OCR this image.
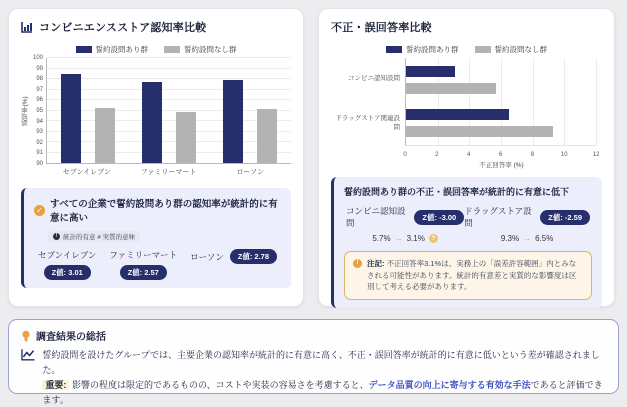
コンビニエンスストア認知率比較
誓約設問あり群	誓約設問なし群
認知率(%)
100
99
98
97
96
95
94
93
92
91
90
セブンイレブン	ファミリーマート	ローソン
✓ すべての企業で誓約設問あり群の認知率が統計的に有意に高い
! 統計的有意 ≠ 実質的意味
セブンイレブン
Z値: 3.01
ファミリーマート
Z値: 2.57
ローソン	Z値: 2.78
不正・誤回答率比較
誓約設問あり群	誓約設問なし群
コンビニ認知設問
ドラッグストア関連設問
0	2	4	6	8	10	12
不正回答率 (%)
誓約設問あり群の不正・誤回答率が統計的に有意に低下
コンビニ認知設問
Z値: -3.00
5.7% → 3.1%	?
ドラッグストア設問
Z値: -2.59
9.3% → 6.5%
!	注記: 不正回答率3.1%は、実務上の「誤差許容範囲」内とみなされる可能性があります。統計的有意差と実質的な影響度は区別して考える必要があります。
調査結果の総括
誓約設問を設けたグループでは、主要企業の認知率が統計的に有意に高く、不正・誤回答率が統計的に有意に低いという差が確認されました。
重要: 影響の程度は限定的であるものの、コストや実装の容易さを考慮すると、データ品質の向上に寄与する有効な手法であると評価できます。
